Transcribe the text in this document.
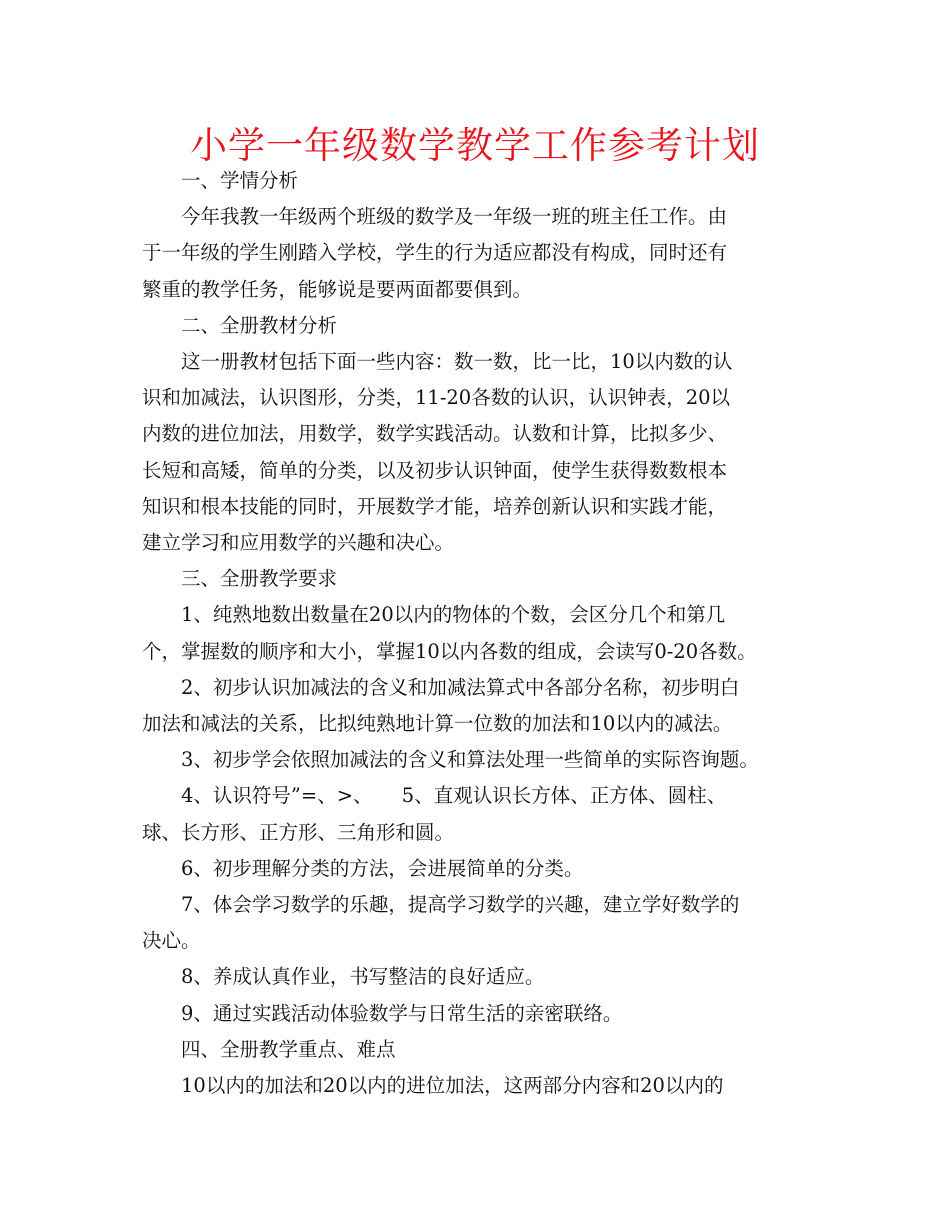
小学一年级数学教学工作参考计划
一、学情分析
今年我教一年级两个班级的数学及一年级一班的班主任工作。由
于一年级的学生刚踏入学校，学生的行为适应都没有构成，同时还有
繁重的教学任务，能够说是要两面都要俱到。
二、全册教材分析
这一册教材包括下面一些内容：数一数，比一比，10以内数的认
识和加减法，认识图形，分类，11-20各数的认识，认识钟表，20以
内数的进位加法，用数学，数学实践活动。认数和计算，比拟多少、
长短和高矮，简单的分类，以及初步认识钟面，使学生获得数数根本
知识和根本技能的同时，开展数学才能，培养创新认识和实践才能，
建立学习和应用数学的兴趣和决心。
三、全册教学要求
1、纯熟地数出数量在20以内的物体的个数，会区分几个和第几
个，掌握数的顺序和大小，掌握10以内各数的组成，会读写0-20各数。
2、初步认识加减法的含义和加减法算式中各部分名称，初步明白
加法和减法的关系，比拟纯熟地计算一位数的加法和10以内的减法。
3、初步学会依照加减法的含义和算法处理一些简单的实际咨询题。
4、认识符号”=、>、　　5、直观认识长方体、正方体、圆柱、
球、长方形、正方形、三角形和圆。
6、初步理解分类的方法，会进展简单的分类。
7、体会学习数学的乐趣，提高学习数学的兴趣，建立学好数学的
决心。
8、养成认真作业，书写整洁的良好适应。
9、通过实践活动体验数学与日常生活的亲密联络。
四、全册教学重点、难点
10以内的加法和20以内的进位加法，这两部分内容和20以内的
